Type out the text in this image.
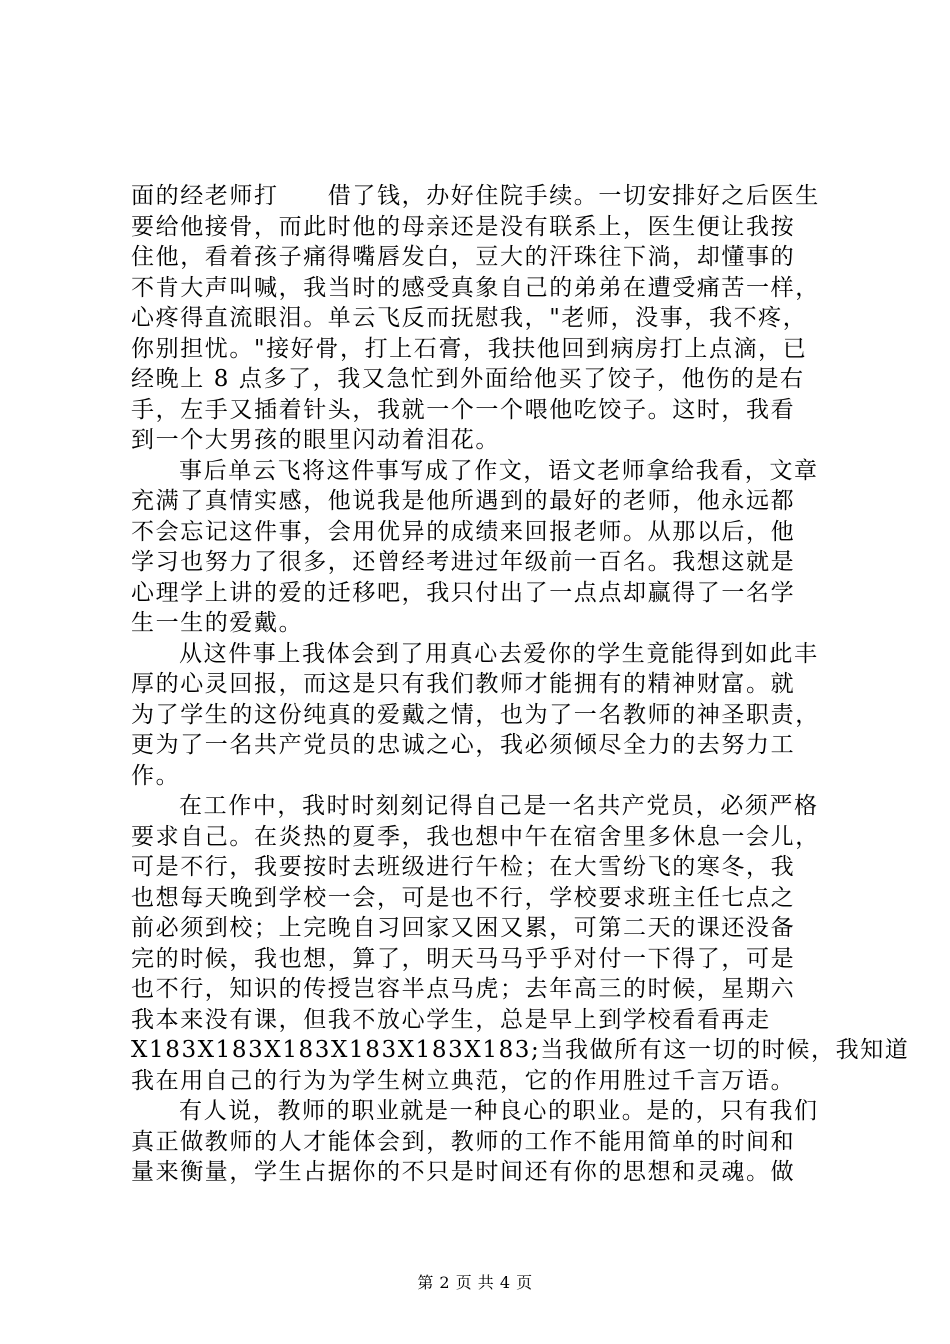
面的经老师打　　借了钱，办好住院手续。一切安排好之后医生
要给他接骨，而此时他的母亲还是没有联系上，医生便让我按
住他，看着孩子痛得嘴唇发白，豆大的汗珠往下淌，却懂事的
不肯大声叫喊，我当时的感受真象自己的弟弟在遭受痛苦一样，
心疼得直流眼泪。单云飞反而抚慰我，"老师，没事，我不疼，
你别担忧。"接好骨，打上石膏，我扶他回到病房打上点滴，已
经晚上 8 点多了，我又急忙到外面给他买了饺子，他伤的是右
手，左手又插着针头，我就一个一个喂他吃饺子。这时，我看
到一个大男孩的眼里闪动着泪花。
事后单云飞将这件事写成了作文，语文老师拿给我看，文章
充满了真情实感，他说我是他所遇到的最好的老师，他永远都
不会忘记这件事，会用优异的成绩来回报老师。从那以后，他
学习也努力了很多，还曾经考进过年级前一百名。我想这就是
心理学上讲的爱的迁移吧，我只付出了一点点却赢得了一名学
生一生的爱戴。
从这件事上我体会到了用真心去爱你的学生竟能得到如此丰
厚的心灵回报，而这是只有我们教师才能拥有的精神财富。就
为了学生的这份纯真的爱戴之情，也为了一名教师的神圣职责，
更为了一名共产党员的忠诚之心，我必须倾尽全力的去努力工
作。
在工作中，我时时刻刻记得自己是一名共产党员，必须严格
要求自己。在炎热的夏季，我也想中午在宿舍里多休息一会儿，
可是不行，我要按时去班级进行午检；在大雪纷飞的寒冬，我
也想每天晚到学校一会，可是也不行，学校要求班主任七点之
前必须到校；上完晚自习回家又困又累，可第二天的课还没备
完的时候，我也想，算了，明天马马乎乎对付一下得了，可是
也不行，知识的传授岂容半点马虎；去年高三的时候，星期六
我本来没有课，但我不放心学生，总是早上到学校看看再走
X183X183X183X183X183X183;当我做所有这一切的时候，我知道
我在用自己的行为为学生树立典范，它的作用胜过千言万语。
有人说，教师的职业就是一种良心的职业。是的，只有我们
真正做教师的人才能体会到，教师的工作不能用简单的时间和
量来衡量，学生占据你的不只是时间还有你的思想和灵魂。做
第 2 页 共 4 页
